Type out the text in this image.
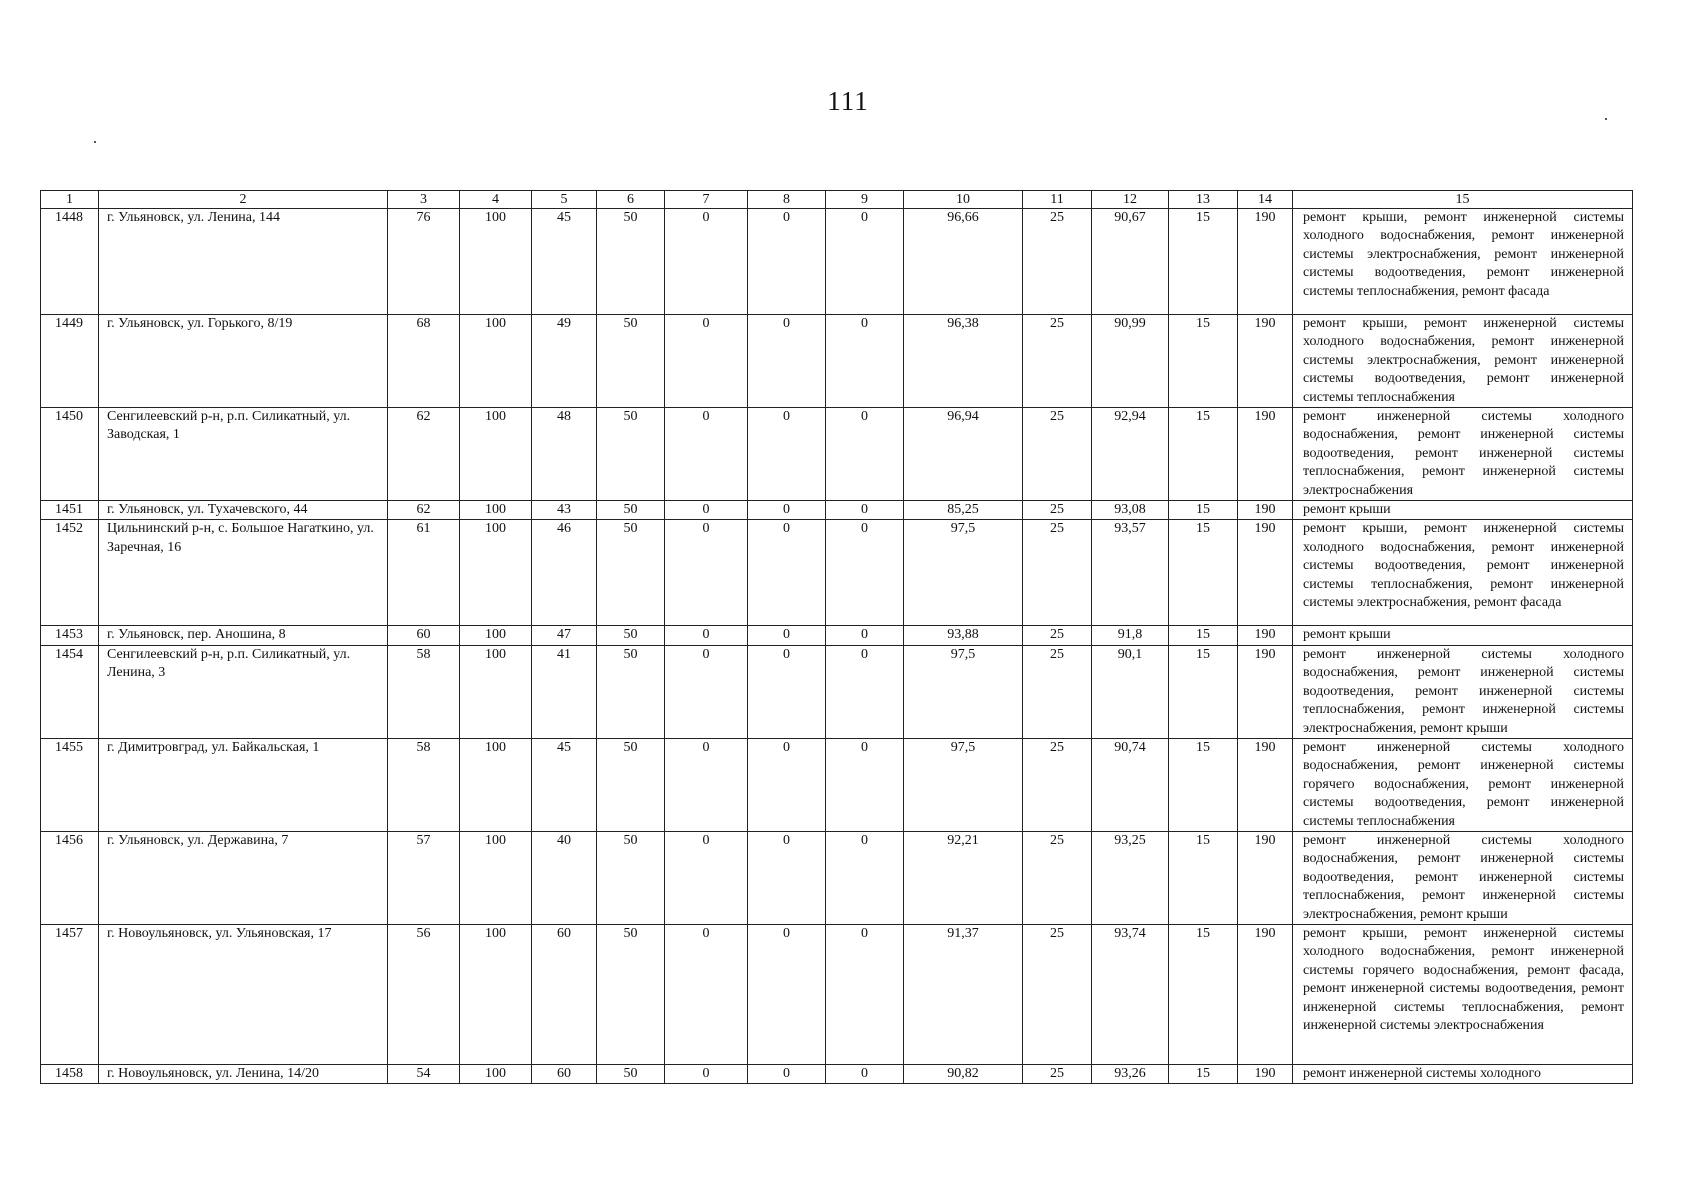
111
1	2	3	4	5	6	7	8	9	10	11	12	13	14	15
1448	г. Ульяновск, ул. Ленина, 144	76	100	45	50	0	0	0	96,66	25	90,67	15	190	ремонт крыши, ремонт инженерной системы холодного водоснабжения, ремонт инженерной системы электроснабжения, ремонт инженерной системы водоотведения, ремонт инженерной системы теплоснабжения, ремонт фасада
1449	г. Ульяновск, ул. Горького, 8/19	68	100	49	50	0	0	0	96,38	25	90,99	15	190	ремонт крыши, ремонт инженерной системы холодного водоснабжения, ремонт инженерной системы электроснабжения, ремонт инженерной системы водоотведения, ремонт инженерной системы теплоснабжения
1450	Сенгилеевский р-н, р.п. Силикатный, ул. Заводская, 1	62	100	48	50	0	0	0	96,94	25	92,94	15	190	ремонт инженерной системы холодного водоснабжения, ремонт инженерной системы водоотведения, ремонт инженерной системы теплоснабжения, ремонт инженерной системы электроснабжения
1451	г. Ульяновск, ул. Тухачевского, 44	62	100	43	50	0	0	0	85,25	25	93,08	15	190	ремонт крыши
1452	Цильнинский р-н, с. Большое Нагаткино, ул. Заречная, 16	61	100	46	50	0	0	0	97,5	25	93,57	15	190	ремонт крыши, ремонт инженерной системы холодного водоснабжения, ремонт инженерной системы водоотведения, ремонт инженерной системы теплоснабжения, ремонт инженерной системы электроснабжения, ремонт фасада
1453	г. Ульяновск, пер. Аношина, 8	60	100	47	50	0	0	0	93,88	25	91,8	15	190	ремонт крыши
1454	Сенгилеевский р-н, р.п. Силикатный, ул. Ленина, 3	58	100	41	50	0	0	0	97,5	25	90,1	15	190	ремонт инженерной системы холодного водоснабжения, ремонт инженерной системы водоотведения, ремонт инженерной системы теплоснабжения, ремонт инженерной системы электроснабжения, ремонт крыши
1455	г. Димитровград, ул. Байкальская, 1	58	100	45	50	0	0	0	97,5	25	90,74	15	190	ремонт инженерной системы холодного водоснабжения, ремонт инженерной системы горячего водоснабжения, ремонт инженерной системы водоотведения, ремонт инженерной системы теплоснабжения
1456	г. Ульяновск, ул. Державина, 7	57	100	40	50	0	0	0	92,21	25	93,25	15	190	ремонт инженерной системы холодного водоснабжения, ремонт инженерной системы водоотведения, ремонт инженерной системы теплоснабжения, ремонт инженерной системы электроснабжения, ремонт крыши
1457	г. Новоульяновск, ул. Ульяновская, 17	56	100	60	50	0	0	0	91,37	25	93,74	15	190	ремонт крыши, ремонт инженерной системы холодного водоснабжения, ремонт инженерной системы горячего водоснабжения, ремонт фасада, ремонт инженерной системы водоотведения, ремонт инженерной системы теплоснабжения, ремонт инженерной системы электроснабжения
1458	г. Новоульяновск, ул. Ленина, 14/20	54	100	60	50	0	0	0	90,82	25	93,26	15	190	ремонт инженерной системы холодного
